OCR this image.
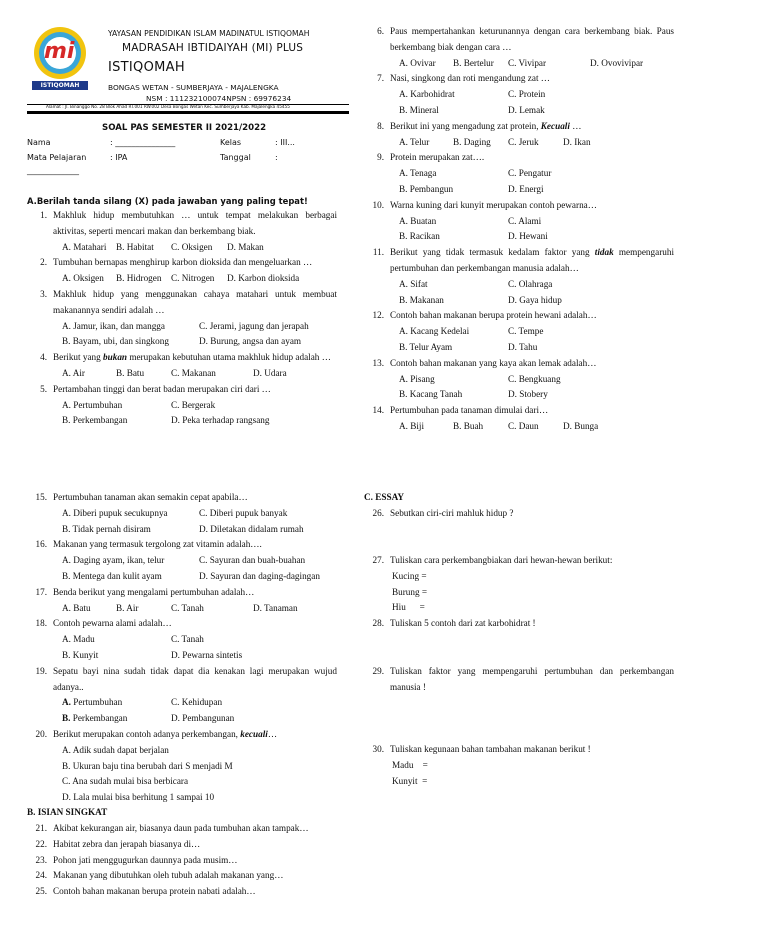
mi
ISTIQOMAH
YAYASAN PENDIDIKAN ISLAM MADINATUL ISTIQOMAH
MADRASAH IBTIDAIYAH (MI) PLUS
ISTIQOMAH
BONGAS WETAN - SUMBERJAYA - MAJALENGKA
NSM : 111232100074NPSN : 69976234
Alamat : Jl. Binanggo No. 28 Blok Ahad RT.001 RW.002 Desa Bongas Wetan Kec. Sumberjaya Kab. Majalengka 45455
SOAL PAS SEMESTER II 2021/2022
Nama	: _______________	Kelas	: III...
Mata Pelajaran	: IPA	Tanggal	:
_____________
A.Berilah tanda silang (X) pada jawaban yang paling tepat!
1. Makhluk hidup membutuhkan … untuk tempat melakukan berbagai aktivitas, seperti mencari makan dan berkembang biak.
A. Matahari	B. Habitat	C. Oksigen	D. Makan
2. Tumbuhan bernapas menghirup karbon dioksida dan mengeluarkan …
A. Oksigen	B. Hidrogen	C. Nitrogen	D. Karbon dioksida
3. Makhluk hidup yang menggunakan cahaya matahari untuk membuat makanannya sendiri adalah …
A. Jamur, ikan, dan mangga	C. Jerami, jagung dan jerapah
B. Bayam, ubi, dan singkong	D. Burung, angsa dan ayam
4. Berikut yang bukan merupakan kebutuhan utama makhluk hidup adalah …
A. Air	B. Batu	C. Makanan	D. Udara
5. Pertambahan tinggi dan berat badan merupakan ciri dari …
A. Pertumbuhan	C. Bergerak
B. Perkembangan	D. Peka terhadap rangsang
6. Paus mempertahankan keturunannya dengan cara berkembang biak. Paus berkembang biak dengan cara …
A. Ovivar	B. Bertelur	C. Vivipar	D. Ovovivipar
7. Nasi, singkong dan roti mengandung zat …
A. Karbohidrat	C. Protein
B. Mineral	D. Lemak
8. Berikut ini yang mengadung zat protein, Kecuali …
A. Telur	B. Daging	C. Jeruk	D. Ikan
9. Protein merupakan zat….
A. Tenaga	C. Pengatur
B. Pembangun	D. Energi
10. Warna kuning dari kunyit merupakan contoh pewarna…
A. Buatan	C. Alami
B. Racikan	D. Hewani
11. Berikut yang tidak termasuk kedalam faktor yang tidak mempengaruhi pertumbuhan dan perkembangan manusia adalah…
A. Sifat	C. Olahraga
B. Makanan	D. Gaya hidup
12. Contoh bahan makanan berupa protein hewani adalah…
A. Kacang Kedelai	C. Tempe
B. Telur Ayam	D. Tahu
13. Contoh bahan makanan yang kaya akan lemak adalah…
A. Pisang	C. Bengkuang
B. Kacang Tanah	D. Stobery
14. Pertumbuhan pada tanaman dimulai dari…
A. Biji	B. Buah	C. Daun	D. Bunga
15. Pertumbuhan tanaman akan semakin cepat apabila…
A. Diberi pupuk secukupnya	C. Diberi pupuk banyak
B. Tidak pernah disiram	D. Diletakan didalam rumah
16. Makanan yang termasuk tergolong zat vitamin adalah….
A. Daging ayam, ikan, telur	C. Sayuran dan buah-buahan
B. Mentega dan kulit ayam	D. Sayuran dan daging-dagingan
17. Benda berikut yang mengalami pertumbuhan adalah…
A. Batu	B. Air	C. Tanah	D. Tanaman
18. Contoh pewarna alami adalah…
A. Madu	C. Tanah
B. Kunyit	D. Pewarna sintetis
19. Sepatu bayi nina sudah tidak dapat dia kenakan lagi merupakan wujud adanya..
A. Pertumbuhan	C. Kehidupan
B. Perkembangan	D. Pembangunan
20. Berikut merupakan contoh adanya perkembangan, kecuali…
A. Adik sudah dapat berjalan
B. Ukuran baju tina berubah dari S menjadi M
C. Ana sudah mulai bisa berbicara
D. Lala mulai bisa berhitung 1 sampai 10
B. ISIAN SINGKAT
21. Akibat kekurangan air, biasanya daun pada tumbuhan akan tampak…
22. Habitat zebra dan jerapah biasanya di…
23. Pohon jati menggugurkan daunnya pada musim…
24. Makanan yang dibutuhkan oleh tubuh adalah makanan yang…
25. Contoh bahan makanan berupa protein nabati adalah…
C. ESSAY
26. Sebutkan ciri-ciri mahluk hidup ?
27. Tuliskan cara perkembangbiakan dari hewan-hewan berikut:
Kucing =
Burung =
Hiu      =
28. Tuliskan 5 contoh dari zat karbohidrat !
29. Tuliskan faktor yang mempengaruhi pertumbuhan dan perkembangan manusia !
30. Tuliskan kegunaan bahan tambahan makanan berikut !
Madu    =
Kunyit  =
